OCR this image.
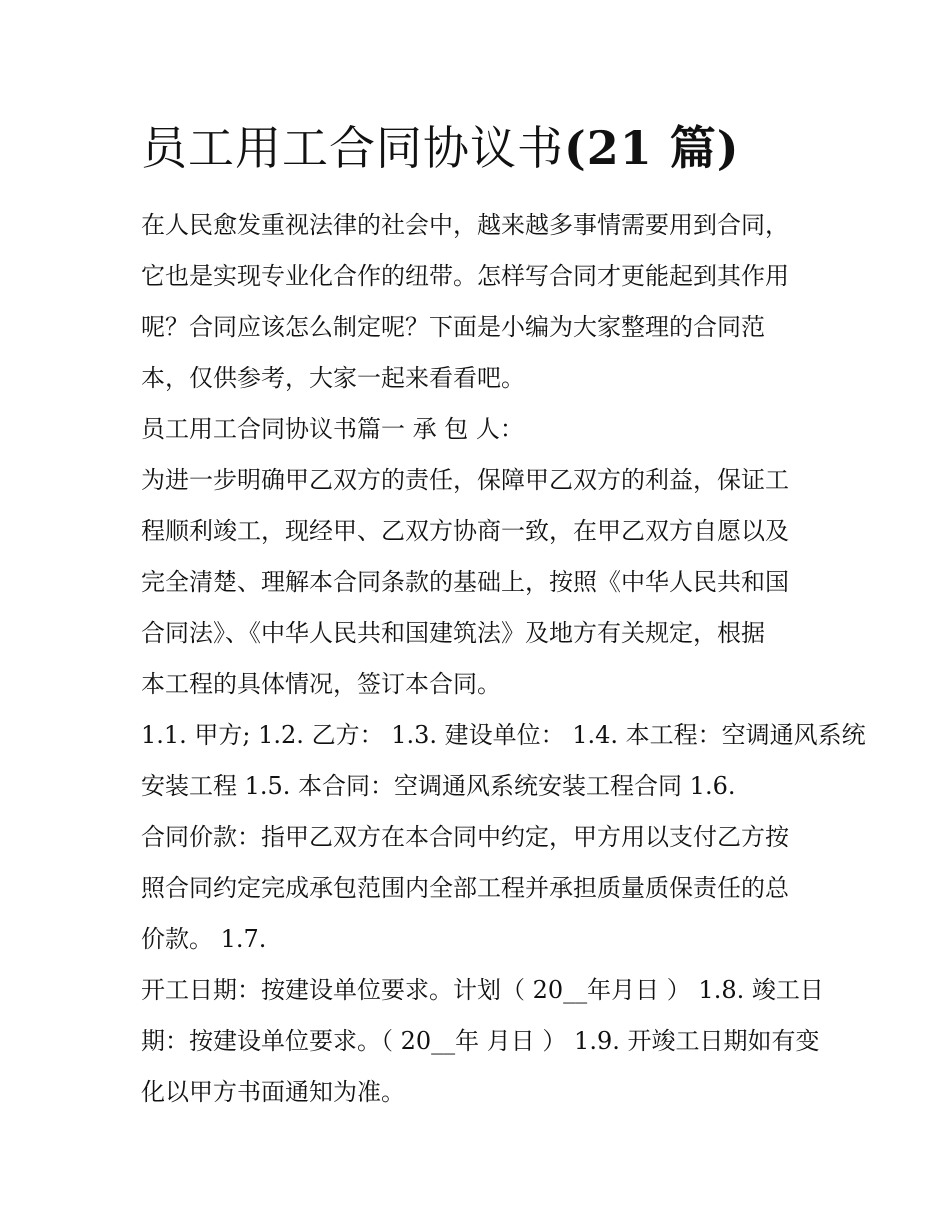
员工用工合同协议书(21 篇)

在人民愈发重视法律的社会中，越来越多事情需要用到合同，

它也是实现专业化合作的纽带。怎样写合同才更能起到其作用

呢？合同应该怎么制定呢？下面是小编为大家整理的合同范

本，仅供参考，大家一起来看看吧。

员工用工合同协议书篇一 承 包 人：

为进一步明确甲乙双方的责任，保障甲乙双方的利益，保证工

程顺利竣工，现经甲、乙双方协商一致，在甲乙双方自愿以及

完全清楚、理解本合同条款的基础上，按照《中华人民共和国

合同法》、《中华人民共和国建筑法》及地方有关规定，根据

本工程的具体情况，签订本合同。

1.1. 甲方; 1.2. 乙方： 1.3. 建设单位： 1.4. 本工程：空调通风系统

安装工程 1.5. 本合同：空调通风系统安装工程合同 1.6.

合同价款：指甲乙双方在本合同中约定，甲方用以支付乙方按

照合同约定完成承包范围内全部工程并承担质量质保责任的总

价款。 1.7.

开工日期：按建设单位要求。计划（ 20__年月日 ） 1.8. 竣工日

期：按建设单位要求。（ 20__年 月日 ） 1.9. 开竣工日期如有变

化以甲方书面通知为准。
